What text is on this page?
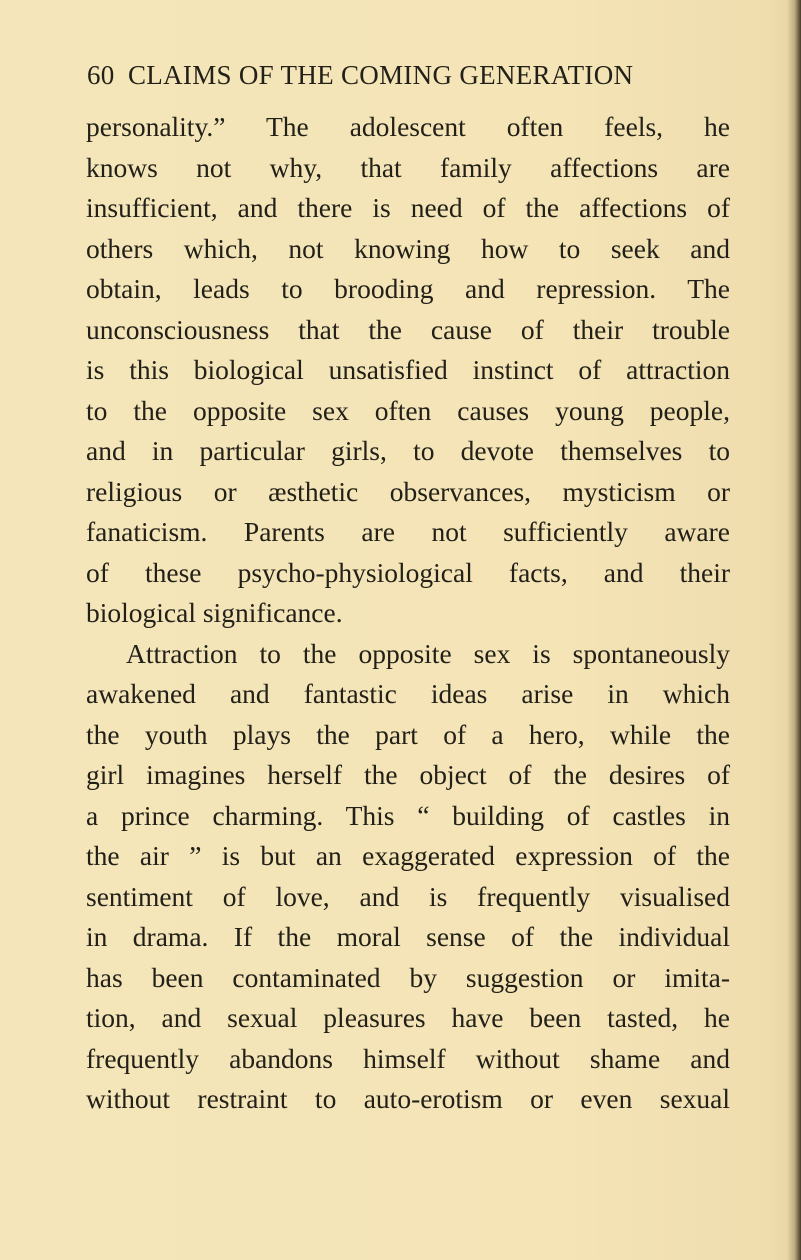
60 CLAIMS OF THE COMING GENERATION
personality.” The adolescent often feels, he
knows not why, that family affections are
insufficient, and there is need of the affections of
others which, not knowing how to seek and
obtain, leads to brooding and repression. The
unconsciousness that the cause of their trouble
is this biological unsatisfied instinct of attraction
to the opposite sex often causes young people,
and in particular girls, to devote themselves to
religious or æsthetic observances, mysticism or
fanaticism. Parents are not sufficiently aware
of these psycho-physiological facts, and their
biological significance.
Attraction to the opposite sex is spontaneously
awakened and fantastic ideas arise in which
the youth plays the part of a hero, while the
girl imagines herself the object of the desires of
a prince charming. This “ building of castles in
the air ” is but an exaggerated expression of the
sentiment of love, and is frequently visualised
in drama. If the moral sense of the individual
has been contaminated by suggestion or imita-
tion, and sexual pleasures have been tasted, he
frequently abandons himself without shame and
without restraint to auto-erotism or even sexual
